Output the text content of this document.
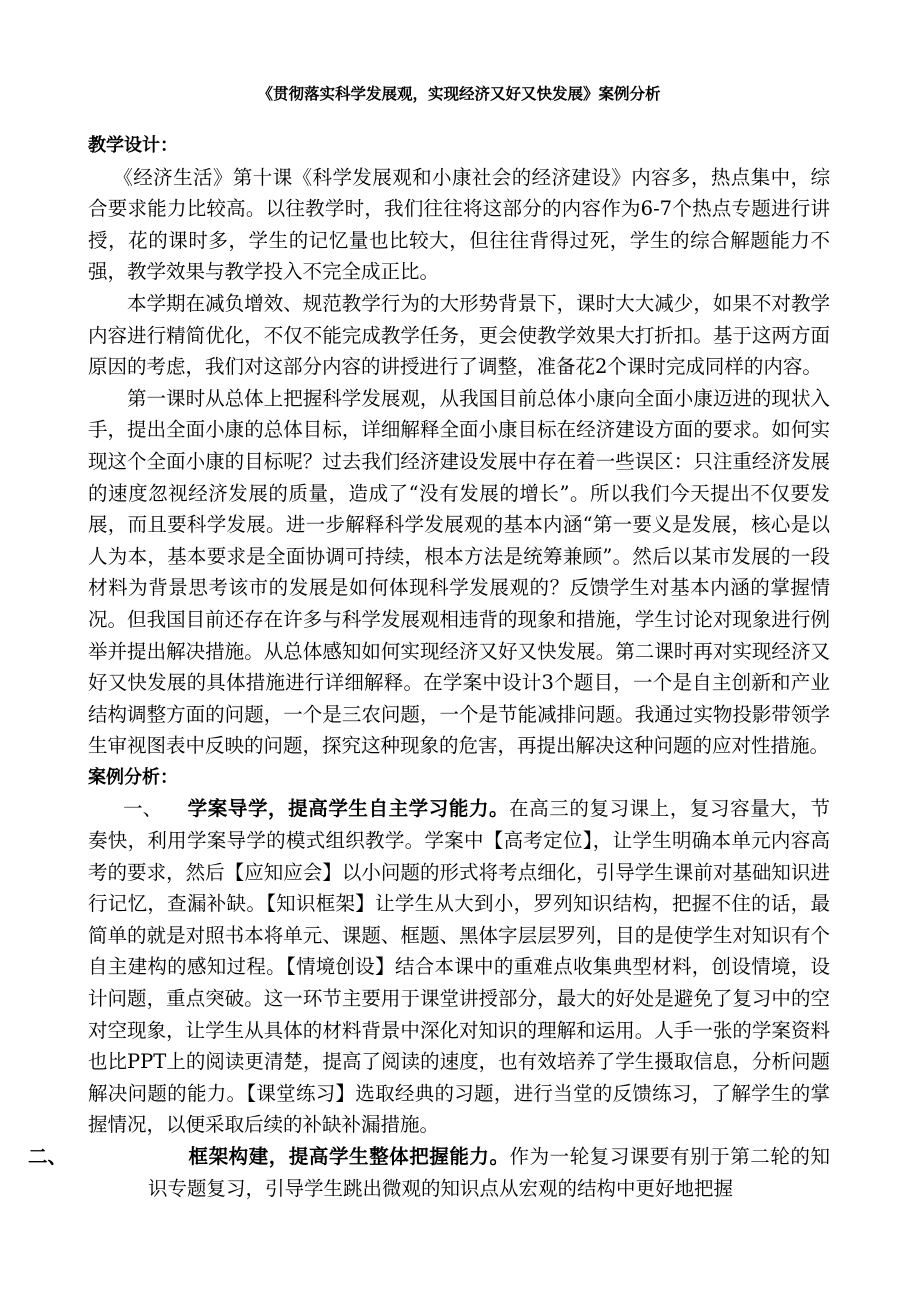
《贯彻落实科学发展观，实现经济又好又快发展》案例分析
教学设计：

《经济生活》第十课《科学发展观和小康社会的经济建设》内容多，热点集中，综合要求能力比较高。以往教学时，我们往往将这部分的内容作为6-7个热点专题进行讲授，花的课时多，学生的记忆量也比较大，但往往背得过死，学生的综合解题能力不强，教学效果与教学投入不完全成正比。

本学期在减负增效、规范教学行为的大形势背景下，课时大大减少，如果不对教学内容进行精简优化，不仅不能完成教学任务，更会使教学效果大打折扣。基于这两方面原因的考虑，我们对这部分内容的讲授进行了调整，准备花2个课时完成同样的内容。

第一课时从总体上把握科学发展观，从我国目前总体小康向全面小康迈进的现状入手，提出全面小康的总体目标，详细解释全面小康目标在经济建设方面的要求。如何实现这个全面小康的目标呢？过去我们经济建设发展中存在着一些误区：只注重经济发展的速度忽视经济发展的质量，造成了“没有发展的增长”。所以我们今天提出不仅要发展，而且要科学发展。进一步解释科学发展观的基本内涵“第一要义是发展，核心是以人为本，基本要求是全面协调可持续，根本方法是统筹兼顾”。然后以某市发展的一段材料为背景思考该市的发展是如何体现科学发展观的？反馈学生对基本内涵的掌握情况。但我国目前还存在许多与科学发展观相违背的现象和措施，学生讨论对现象进行例举并提出解决措施。从总体感知如何实现经济又好又快发展。第二课时再对实现经济又好又快发展的具体措施进行详细解释。在学案中设计3个题目，一个是自主创新和产业结构调整方面的问题，一个是三农问题，一个是节能减排问题。我通过实物投影带领学生审视图表中反映的问题，探究这种现象的危害，再提出解决这种问题的应对性措施。

案例分析：

一、 学案导学，提高学生自主学习能力。在高三的复习课上，复习容量大，节奏快，利用学案导学的模式组织教学。学案中【高考定位】，让学生明确本单元内容高考的要求，然后【应知应会】以小问题的形式将考点细化，引导学生课前对基础知识进行记忆，查漏补缺。【知识框架】让学生从大到小，罗列知识结构，把握不住的话，最简单的就是对照书本将单元、课题、框题、黑体字层层罗列，目的是使学生对知识有个自主建构的感知过程。【情境创设】结合本课中的重难点收集典型材料，创设情境，设计问题，重点突破。这一环节主要用于课堂讲授部分，最大的好处是避免了复习中的空对空现象，让学生从具体的材料背景中深化对知识的理解和运用。人手一张的学案资料也比PPT上的阅读更清楚，提高了阅读的速度，也有效培养了学生摄取信息，分析问题解决问题的能力。【课堂练习】选取经典的习题，进行当堂的反馈练习，了解学生的掌握情况，以便采取后续的补缺补漏措施。

二、	框架构建，提高学生整体把握能力。作为一轮复习课要有别于第二轮的知识专题复习，引导学生跳出微观的知识点从宏观的结构中更好地把握
